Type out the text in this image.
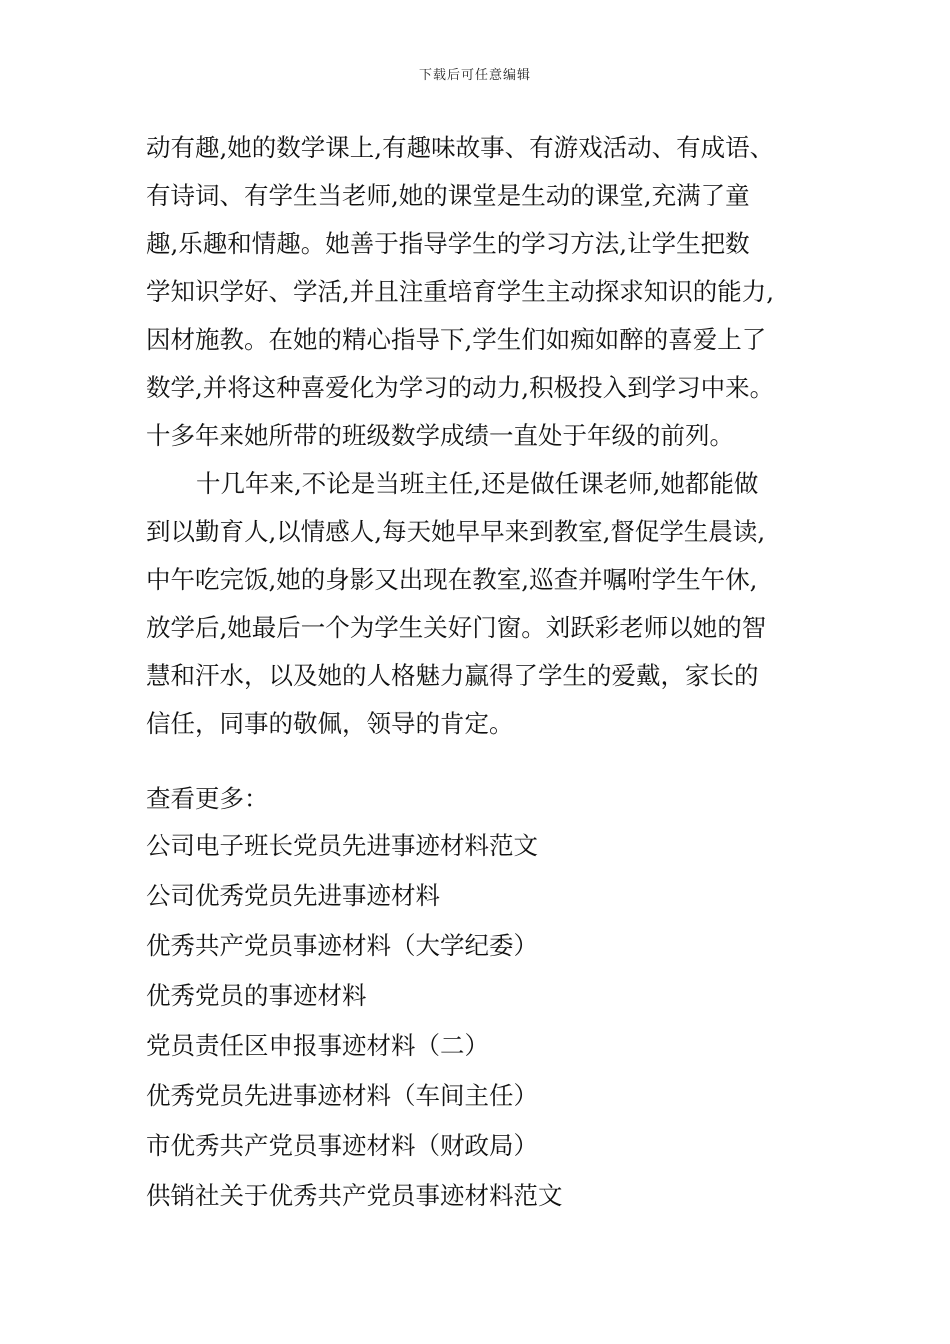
下载后可任意编辑
动有趣,她的数学课上,有趣味故事、有游戏活动、有成语、
有诗词、有学生当老师,她的课堂是生动的课堂,充满了童
趣,乐趣和情趣。她善于指导学生的学习方法,让学生把数
学知识学好、学活,并且注重培育学生主动探求知识的能力,
因材施教。在她的精心指导下,学生们如痴如醉的喜爱上了
数学,并将这种喜爱化为学习的动力,积极投入到学习中来。
十多年来她所带的班级数学成绩一直处于年级的前列。
十几年来,不论是当班主任,还是做任课老师,她都能做
到以勤育人,以情感人,每天她早早来到教室,督促学生晨读,
中午吃完饭,她的身影又出现在教室,巡查并嘱咐学生午休,
放学后,她最后一个为学生关好门窗。刘跃彩老师以她的智
慧和汗水，以及她的人格魅力赢得了学生的爱戴，家长的
信任，同事的敬佩，领导的肯定。
查看更多：
公司电子班长党员先进事迹材料范文
公司优秀党员先进事迹材料
优秀共产党员事迹材料（大学纪委）
优秀党员的事迹材料
党员责任区申报事迹材料（二）
优秀党员先进事迹材料（车间主任）
市优秀共产党员事迹材料（财政局）
供销社关于优秀共产党员事迹材料范文
